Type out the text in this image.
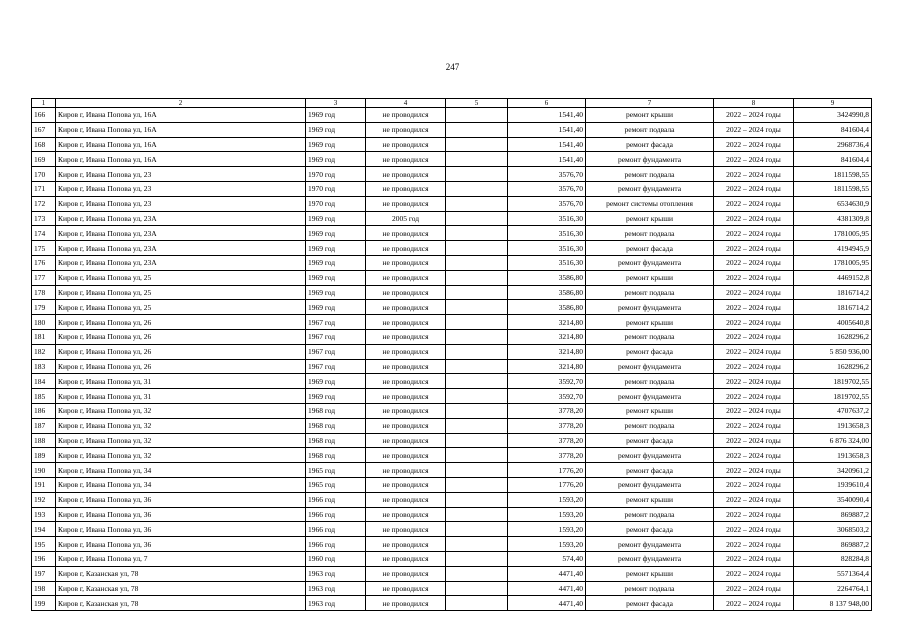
247
1	2	3	4	5	6	7	8	9
166	Киров г, Ивана Попова ул, 16А	1969 год	не проводился		1541,40	ремонт крыши	2022 – 2024 годы	3424990,8
167	Киров г, Ивана Попова ул, 16А	1969 год	не проводился		1541,40	ремонт подвала	2022 – 2024 годы	841604,4
168	Киров г, Ивана Попова ул, 16А	1969 год	не проводился		1541,40	ремонт фасада	2022 – 2024 годы	2968736,4
169	Киров г, Ивана Попова ул, 16А	1969 год	не проводился		1541,40	ремонт фундамента	2022 – 2024 годы	841604,4
170	Киров г, Ивана Попова ул, 23	1970 год	не проводился		3576,70	ремонт подвала	2022 – 2024 годы	1811598,55
171	Киров г, Ивана Попова ул, 23	1970 год	не проводился		3576,70	ремонт фундамента	2022 – 2024 годы	1811598,55
172	Киров г, Ивана Попова ул, 23	1970 год	не проводился		3576,70	ремонт системы отопления	2022 – 2024 годы	6534630,9
173	Киров г, Ивана Попова ул, 23А	1969 год	2005 год		3516,30	ремонт крыши	2022 – 2024 годы	4381309,8
174	Киров г, Ивана Попова ул, 23А	1969 год	не проводился		3516,30	ремонт подвала	2022 – 2024 годы	1781005,95
175	Киров г, Ивана Попова ул, 23А	1969 год	не проводился		3516,30	ремонт фасада	2022 – 2024 годы	4194945,9
176	Киров г, Ивана Попова ул, 23А	1969 год	не проводился		3516,30	ремонт фундамента	2022 – 2024 годы	1781005,95
177	Киров г, Ивана Попова ул, 25	1969 год	не проводился		3586,80	ремонт крыши	2022 – 2024 годы	4469152,8
178	Киров г, Ивана Попова ул, 25	1969 год	не проводился		3586,80	ремонт подвала	2022 – 2024 годы	1816714,2
179	Киров г, Ивана Попова ул, 25	1969 год	не проводился		3586,80	ремонт фундамента	2022 – 2024 годы	1816714,2
180	Киров г, Ивана Попова ул, 26	1967 год	не проводился		3214,80	ремонт крыши	2022 – 2024 годы	4005640,8
181	Киров г, Ивана Попова ул, 26	1967 год	не проводился		3214,80	ремонт подвала	2022 – 2024 годы	1628296,2
182	Киров г, Ивана Попова ул, 26	1967 год	не проводился		3214,80	ремонт фасада	2022 – 2024 годы	5 850 936,00
183	Киров г, Ивана Попова ул, 26	1967 год	не проводился		3214,80	ремонт фундамента	2022 – 2024 годы	1628296,2
184	Киров г, Ивана Попова ул, 31	1969 год	не проводился		3592,70	ремонт подвала	2022 – 2024 годы	1819702,55
185	Киров г, Ивана Попова ул, 31	1969 год	не проводился		3592,70	ремонт фундамента	2022 – 2024 годы	1819702,55
186	Киров г, Ивана Попова ул, 32	1968 год	не проводился		3778,20	ремонт крыши	2022 – 2024 годы	4707637,2
187	Киров г, Ивана Попова ул, 32	1968 год	не проводился		3778,20	ремонт подвала	2022 – 2024 годы	1913658,3
188	Киров г, Ивана Попова ул, 32	1968 год	не проводился		3778,20	ремонт фасада	2022 – 2024 годы	6 876 324,00
189	Киров г, Ивана Попова ул, 32	1968 год	не проводился		3778,20	ремонт фундамента	2022 – 2024 годы	1913658,3
190	Киров г, Ивана Попова ул, 34	1965 год	не проводился		1776,20	ремонт фасада	2022 – 2024 годы	3420961,2
191	Киров г, Ивана Попова ул, 34	1965 год	не проводился		1776,20	ремонт фундамента	2022 – 2024 годы	1939610,4
192	Киров г, Ивана Попова ул, 36	1966 год	не проводился		1593,20	ремонт крыши	2022 – 2024 годы	3540090,4
193	Киров г, Ивана Попова ул, 36	1966 год	не проводился		1593,20	ремонт подвала	2022 – 2024 годы	869887,2
194	Киров г, Ивана Попова ул, 36	1966 год	не проводился		1593,20	ремонт фасада	2022 – 2024 годы	3068503,2
195	Киров г, Ивана Попова ул, 36	1966 год	не проводился		1593,20	ремонт фундамента	2022 – 2024 годы	869887,2
196	Киров г, Ивана Попова ул, 7	1960 год	не проводился		574,40	ремонт фундамента	2022 – 2024 годы	828284,8
197	Киров г, Казанская ул, 78	1963 год	не проводился		4471,40	ремонт крыши	2022 – 2024 годы	5571364,4
198	Киров г, Казанская ул, 78	1963 год	не проводился		4471,40	ремонт подвала	2022 – 2024 годы	2264764,1
199	Киров г, Казанская ул, 78	1963 год	не проводился		4471,40	ремонт фасада	2022 – 2024 годы	8 137 948,00
